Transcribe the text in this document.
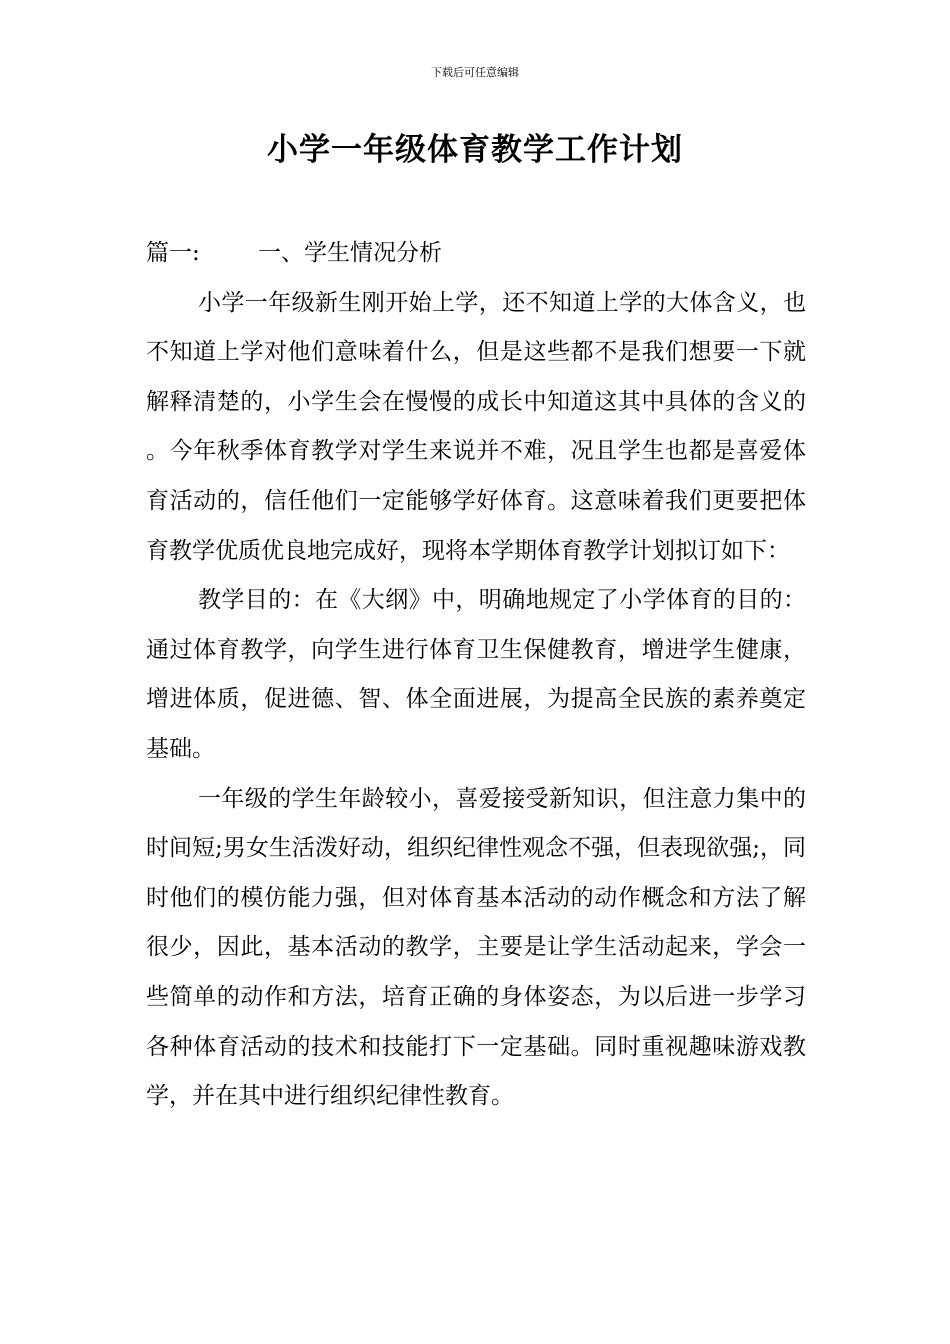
下载后可任意编辑
小学一年级体育教学工作计划

篇一:	一、学生情况分析

小学一年级新生刚开始上学，还不知道上学的大体含义，也不知道上学对他们意味着什么，但是这些都不是我们想要一下就解释清楚的，小学生会在慢慢的成长中知道这其中具体的含义的。今年秋季体育教学对学生来说并不难，况且学生也都是喜爱体育活动的，信任他们一定能够学好体育。这意味着我们更要把体育教学优质优良地完成好，现将本学期体育教学计划拟订如下：

教学目的：在《大纲》中，明确地规定了小学体育的目的：通过体育教学，向学生进行体育卫生保健教育，增进学生健康，增进体质，促进德、智、体全面进展，为提高全民族的素养奠定基础。

一年级的学生年龄较小，喜爱接受新知识，但注意力集中的时间短;男女生活泼好动，组织纪律性观念不强，但表现欲强;，同时他们的模仿能力强，但对体育基本活动的动作概念和方法了解很少，因此，基本活动的教学，主要是让学生活动起来，学会一些简单的动作和方法，培育正确的身体姿态，为以后进一步学习各种体育活动的技术和技能打下一定基础。同时重视趣味游戏教学，并在其中进行组织纪律性教育。
